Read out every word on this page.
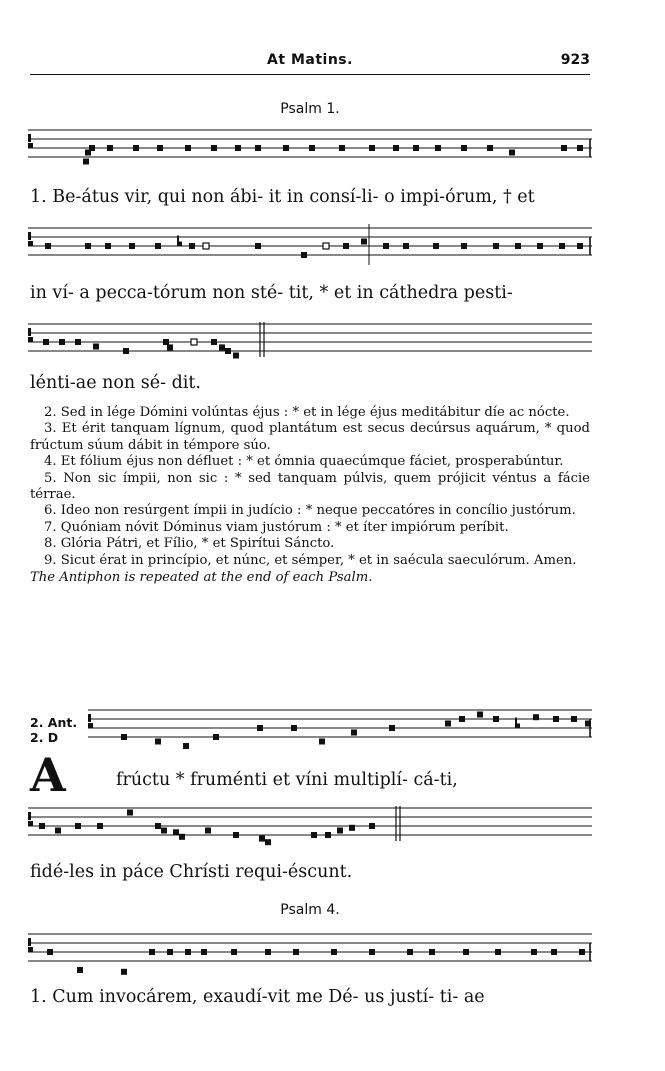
At Matins.	923
Psalm 1.
1. Be-átus vir, qui non ábi- it in consí-li- o impi-órum, † et
in ví- a pecca-tórum non sté- tit, * et in cáthedra pesti-
lénti-ae non sé- dit.

2. Sed in lége Dómini volúntas éjus : * et in lége éjus meditábitur díe ac nócte.

3. Et érit tanquam lígnum, quod plantátum est secus decúrsus aquárum, * quod frúctum súum dábit in témpore súo.

4. Et fólium éjus non défluet : * et ómnia quaecúmque fáciet, prosperabúntur.

5. Non sic ímpii, non sic : * sed tanquam púlvis, quem prójicit véntus a fácie térrae.

6. Ideo non resúrgent ímpii in judício : * neque peccatóres in concílio justórum.

7. Quóniam nóvit Dóminus viam justórum : * et íter impiórum períbit.

8. Glória Pátri, et Fílio, * et Spirítui Sáncto.

9. Sicut érat in princípio, et núnc, et sémper, * et in saécula saeculórum. Amen.

The Antiphon is repeated at the end of each Psalm.

2. Ant.
2. D
A	frúctu * fruménti et víni multiplí- cá-ti,
fidé-les in páce Chrísti requi-éscunt.
Psalm 4.
1. Cum invocárem, exaudí-vit me Dé- us justí- ti- ae
